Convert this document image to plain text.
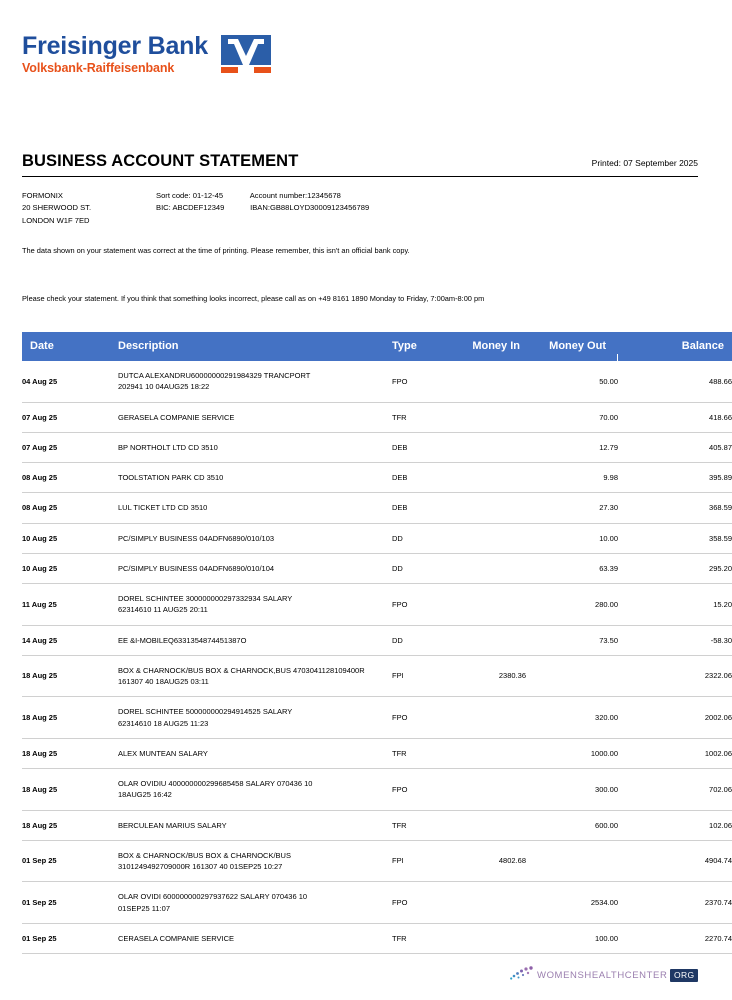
Freisinger Bank
Volksbank-Raiffeisenbank
BUSINESS ACCOUNT STATEMENT	Printed: 07 September 2025
FORMONIX
20 SHERWOOD ST.
LONDON W1F 7ED
Sort code: 01-12-45	Account number:12345678
BIC: ABCDEF12349	IBAN:GB88LOYD30009123456789
The data shown on your statement was correct at the time of printing. Please remember, this isn't an official bank copy.
Please check your statement. If you think that something looks incorrect, please call as on +49 8161 1890 Monday to Friday, 7:00am-8:00 pm
Date	Description	Type	Money In	Money Out	Balance
04 Aug 25	DUTCA ALEXANDRU60000000291984329 TRANCPORT
202941 10 04AUG25 18:22	FPO		50.00	488.66
07 Aug 25	GERASELA COMPANIE SERVICE	TFR		70.00	418.66
07 Aug 25	BP NORTHOLT LTD CD 3510	DEB		12.79	405.87
08 Aug 25	TOOLSTATION PARK CD 3510	DEB		9.98	395.89
08 Aug 25	LUL TICKET LTD CD 3510	DEB		27.30	368.59
10 Aug 25	PC/SIMPLY BUSINESS 04ADFN6890/010/103	DD		10.00	358.59
10 Aug 25	PC/SIMPLY BUSINESS 04ADFN6890/010/104	DD		63.39	295.20
11 Aug 25	DOREL SCHINTEE 300000000297332934 SALARY
62314610 11 AUG25 20:11	FPO		280.00	15.20
14 Aug 25	EE &I-MOBILEQ6331354874451387O	DD		73.50	-58.30
18 Aug 25	BOX & CHARNOCK/BUS BOX & CHARNOCK,BUS 4703041128109400R
161307 40 18AUG25 03:11	FPI	2380.36		2322.06
18 Aug 25	DOREL SCHINTEE 500000000294914525 SALARY
62314610 18 AUG25 11:23	FPO		320.00	2002.06
18 Aug 25	ALEX MUNTEAN SALARY	TFR		1000.00	1002.06
18 Aug 25	OLAR OVIDIU 400000000299685458 SALARY 070436 10
18AUG25 16:42	FPO		300.00	702.06
18 Aug 25	BERCULEAN MARIUS SALARY	TFR		600.00	102.06
01 Sep 25	BOX & CHARNOCK/BUS BOX & CHARNOCK/BUS
3101249492709000R 161307 40 01SEP25 10:27	FPI	4802.68		4904.74
01 Sep 25	OLAR OVIDI 600000000297937622 SALARY 070436 10
01SEP25 11:07	FPO		2534.00	2370.74
01 Sep 25	CERASELA COMPANIE SERVICE	TFR		100.00	2270.74
WOMENSHEALTHCENTER ORG
